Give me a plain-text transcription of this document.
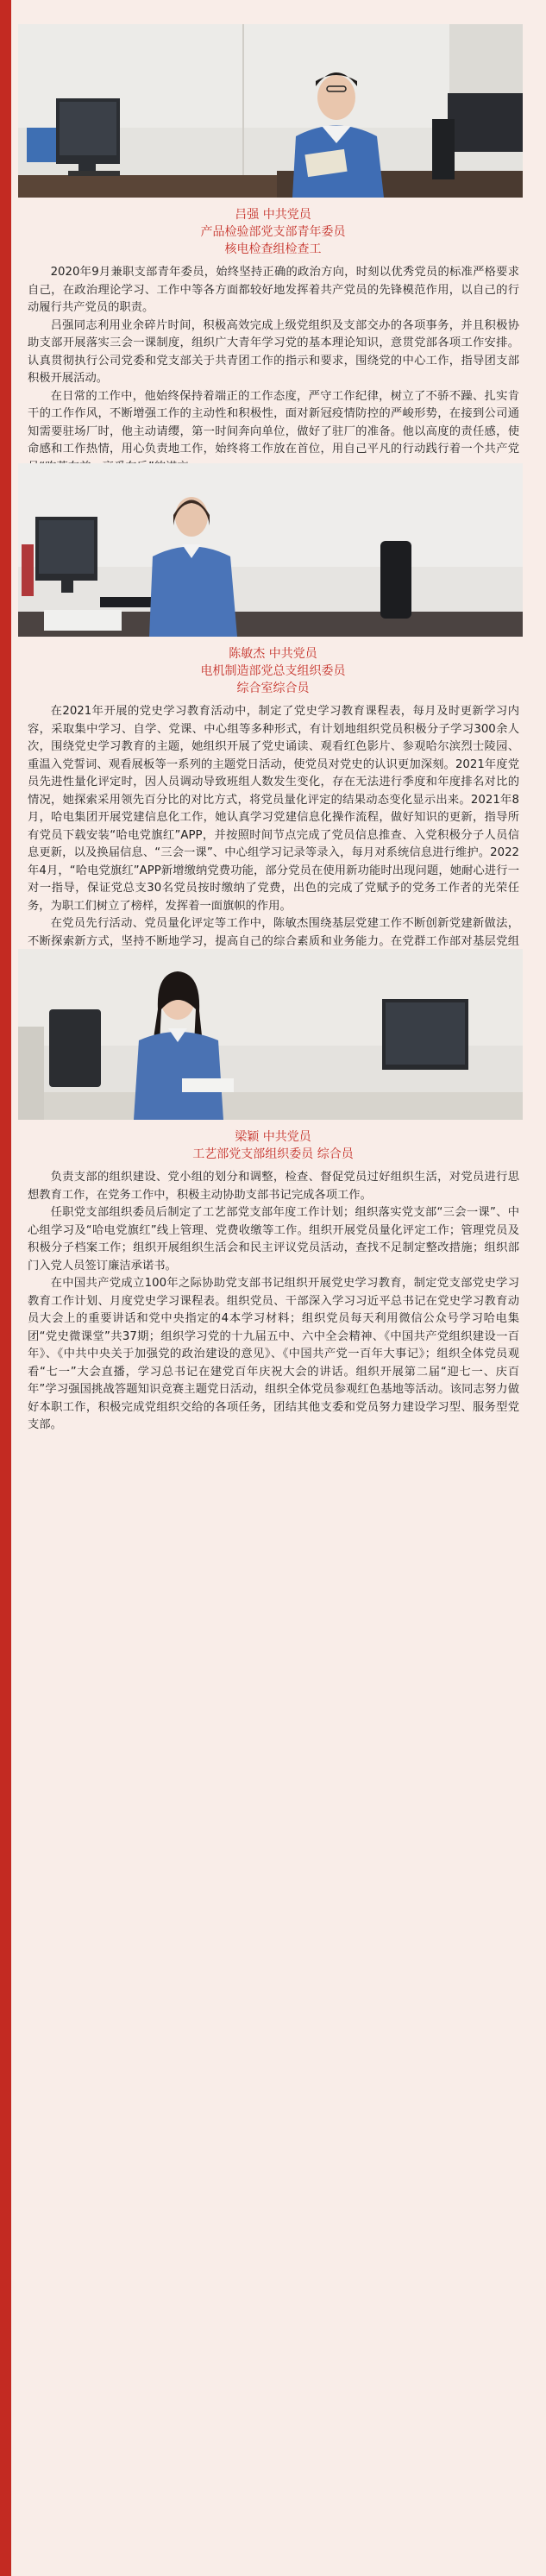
吕强 中共党员
产品检验部党支部青年委员
核电检查组检查工

2020年9月兼职支部青年委员，始终坚持正确的政治方向，时刻以优秀党员的标准严格要求自己，在政治理论学习、工作中等各方面都较好地发挥着共产党员的先锋模范作用，以自己的行动履行共产党员的职责。

吕强同志利用业余碎片时间，积极高效完成上级党组织及支部交办的各项事务，并且积极协助支部开展落实三会一课制度，组织广大青年学习党的基本理论知识，意贯党部各项工作安排。认真贯彻执行公司党委和党支部关于共青团工作的指示和要求，围绕党的中心工作，指导团支部积极开展活动。

在日常的工作中，他始终保持着端正的工作态度，严守工作纪律，树立了不骄不躁、扎实肯干的工作作风，不断增强工作的主动性和积极性，面对新冠疫情防控的严峻形势，在接到公司通知需要驻场厂时，他主动请缨，第一时间奔向单位，做好了驻厂的准备。他以高度的责任感，使命感和工作热情，用心负责地工作，始终将工作放在首位，用自己平凡的行动践行着一个共产党

陈敏杰 中共党员
电机制造部党总支组织委员
综合室综合员

在2021年开展的党史学习教育活动中，制定了党史学习教育课程表，每月及时更新学习内容，采取集中学习、自学、党课、中心组等多种形式，有计划地组织党员积极分子学习300余人次，围绕党史学习教育的主题，她组织开展了党史诵读、观看红色影片、参观哈尔滨烈士陵园、重温入党誓词、观看展板等一系列的主题党日活动，使党员对党史的认识更加深刻。2021年度党员先进性量化评定时，因人员调动导致班组人数发生变化，存在无法进行季度和年度排名对比的情况，她探索采用领先百分比的对比方式，将党员量化评定的结果动态变化显示出来。2021年8月，哈电集团开展党建信息化工作，她认真学习党建信息化操作流程，做好知识的更新，指导所有党员下载安装“哈电党旗红”APP，并按照时间节点完成了党员信息推查、入党积极分子人员信息更新，以及换届信息、“三会一课”、中心组学习记录等录入，每月对系统信息进行维护。2022年4月，“哈电党旗红”APP新增缴纳党费功能，部分党员在使用新功能时出现问题，她耐心进行一对一指导，保证党总支30名党员按时缴纳了党费，出色的完成了党赋予的党务工作者的光荣任务，为职工们树立了榜样，发挥着一面旗帜的作用。

在党员先行活动、党员量化评定等工作中，陈敏杰围绕基层党建工作不断创新党建新做法，不断探索新方式，坚持不断地学习，提高自己的综合素质和业务能力。在党群工作部对基层党组

梁颖 中共党员
工艺部党支部组织委员 综合员

负责支部的组织建设、党小组的划分和调整，检查、督促党员过好组织生活，对党员进行思想教育工作，在党务工作中，积极主动协助支部书记完成各项工作。

任职党支部组织委员后制定了工艺部党支部年度工作计划；组织落实党支部“三会一课”、中心组学习及“哈电党旗红”线上管理、党费收缴等工作。组织开展党员量化评定工作；管理党员及积极分子档案工作；组织开展组织生活会和民主评议党员活动，查找不足制定整改措施；组织部门入党人员签订廉洁承诺书。

在中国共产党成立100年之际协助党支部书记组织开展党史学习教育，制定党支部党史学习教育工作计划、月度党史学习课程表。组织党员、干部深入学习习近平总书记在党史学习教育动员大会上的重要讲话和党中央指定的4本学习材料；组织党员每天利用微信公众号学习哈电集团“党史微课堂”共37期；组织学习党的十九届五中、六中全会精神、《中国共产党组织建设一百年》、《中共中央关于加强党的政治建设的意见》、《中国共产党一百年大事记》；组织全体党员观看“七一”大会直播，学习总书记在建党百年庆祝大会的讲话。组织开展第二届“迎七一、庆百年”学习强国挑战答题知识竞赛主题党日活动，组织全体党员参观红色基地等活动。该同志努力做好本职工作，积极完成党组织交给的各项任务，团结其他支委和党员努力建设学习型、服务型党支部。
